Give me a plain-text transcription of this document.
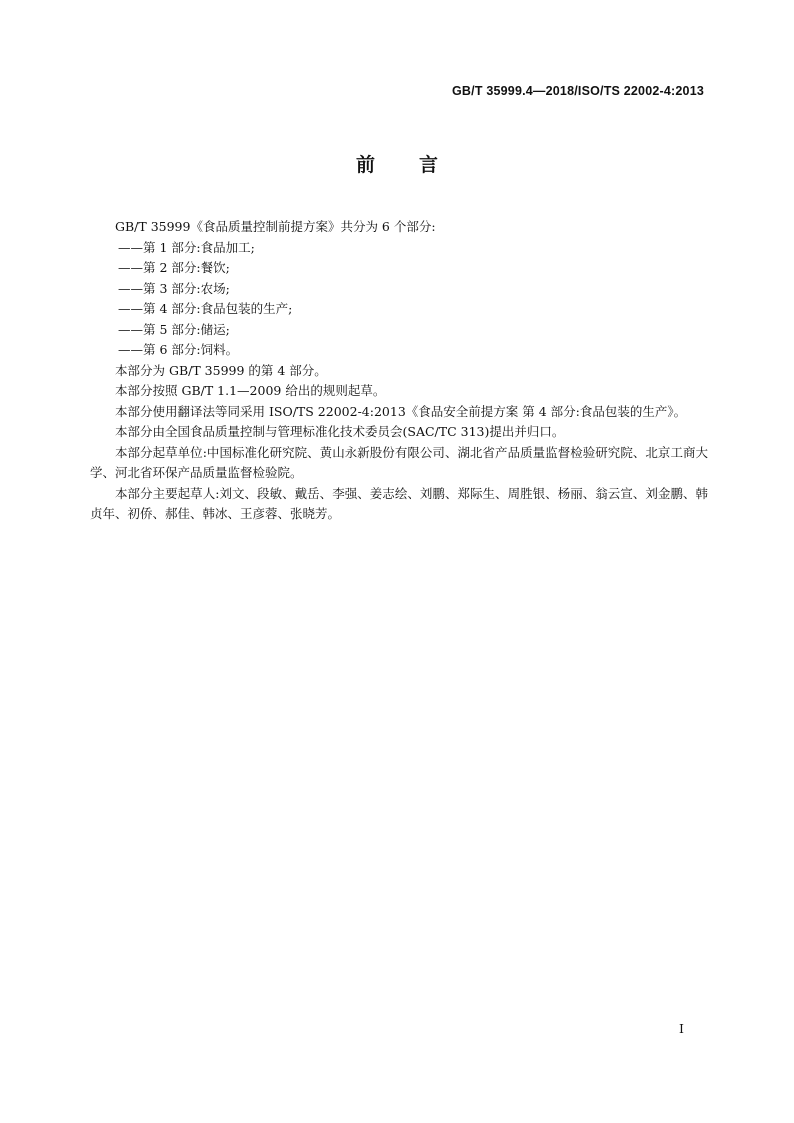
GB/T 35999.4—2018/ISO/TS 22002-4:2013
前言

GB/T 35999《食品质量控制前提方案》共分为 6 个部分:

——第 1 部分:食品加工;

——第 2 部分:餐饮;

——第 3 部分:农场;

——第 4 部分:食品包装的生产;

——第 5 部分:储运;

——第 6 部分:饲料。

本部分为 GB/T 35999 的第 4 部分。

本部分按照 GB/T 1.1—2009 给出的规则起草。

本部分使用翻译法等同采用 ISO/TS 22002-4:2013《食品安全前提方案 第 4 部分:食品包装的生产》。

本部分由全国食品质量控制与管理标准化技术委员会(SAC/TC 313)提出并归口。

本部分起草单位:中国标准化研究院、黄山永新股份有限公司、湖北省产品质量监督检验研究院、北京工商大学、河北省环保产品质量监督检验院。

本部分主要起草人:刘文、段敏、戴岳、李强、姜志绘、刘鹏、郑际生、周胜银、杨丽、翁云宣、刘金鹏、韩贞年、初侨、郝佳、韩冰、王彦蓉、张晓芳。

I
